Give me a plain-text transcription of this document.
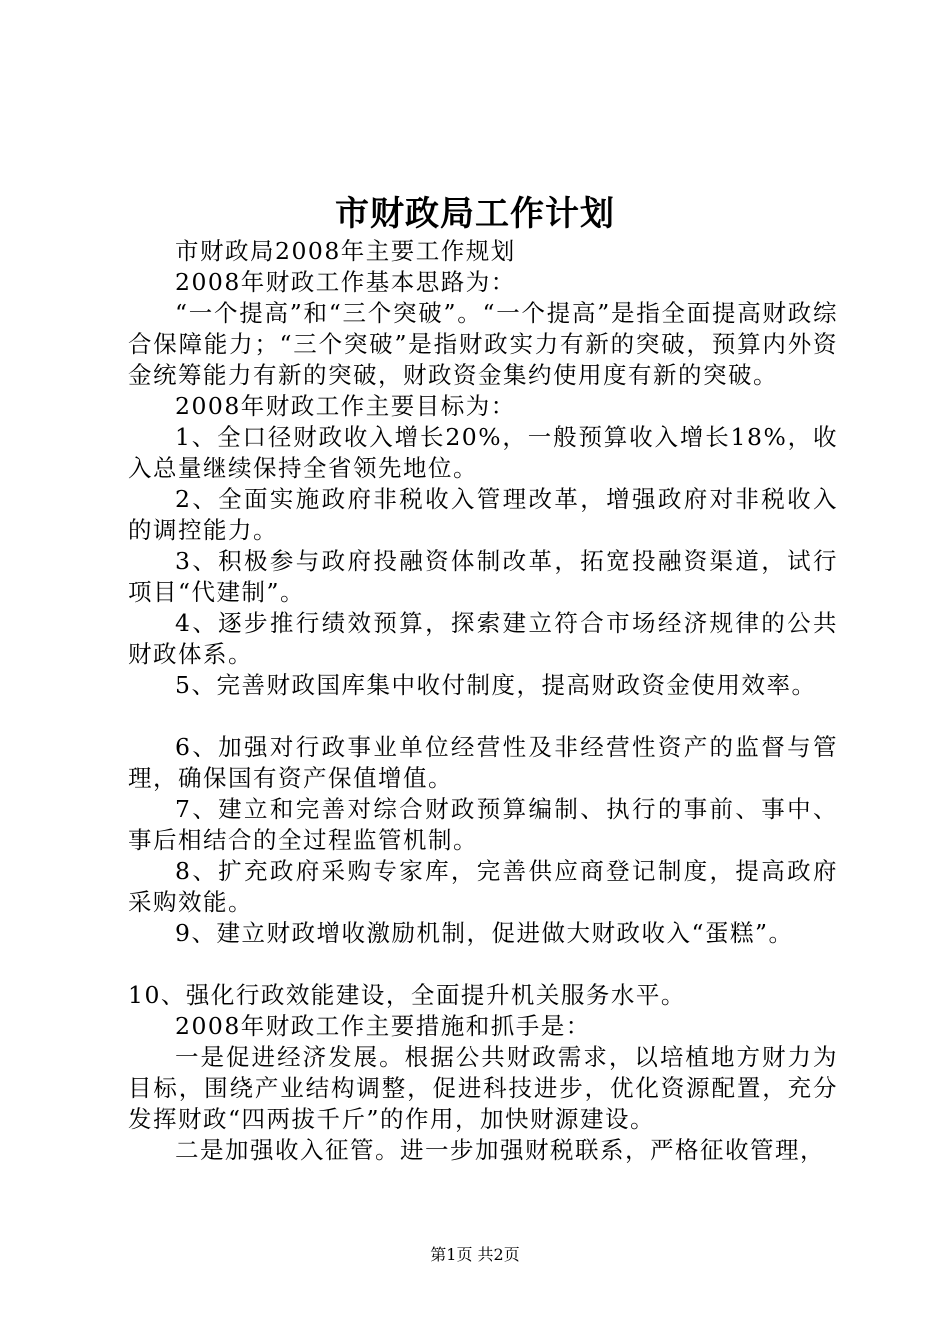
市财政局工作计划

市财政局2008年主要工作规划

2008年财政工作基本思路为：

“一个提高”和“三个突破”。“一个提高”是指全面提高财政综合保障能力；“三个突破”是指财政实力有新的突破，预算内外资金统筹能力有新的突破，财政资金集约使用度有新的突破。

2008年财政工作主要目标为：

1、全口径财政收入增长20%，一般预算收入增长18%，收入总量继续保持全省领先地位。

2、全面实施政府非税收入管理改革，增强政府对非税收入的调控能力。

3、积极参与政府投融资体制改革，拓宽投融资渠道，试行项目“代建制”。

4、逐步推行绩效预算，探索建立符合市场经济规律的公共财政体系。

5、完善财政国库集中收付制度，提高财政资金使用效率。

6、加强对行政事业单位经营性及非经营性资产的监督与管理，确保国有资产保值增值。

7、建立和完善对综合财政预算编制、执行的事前、事中、事后相结合的全过程监管机制。

8、扩充政府采购专家库，完善供应商登记制度，提高政府采购效能。

9、建立财政增收激励机制，促进做大财政收入“蛋糕”。

10、强化行政效能建设，全面提升机关服务水平。

2008年财政工作主要措施和抓手是：

一是促进经济发展。根据公共财政需求，以培植地方财力为目标，围绕产业结构调整，促进科技进步，优化资源配置，充分发挥财政“四两拔千斤”的作用，加快财源建设。

二是加强收入征管。进一步加强财税联系，严格征收管理，

第1页 共2页
